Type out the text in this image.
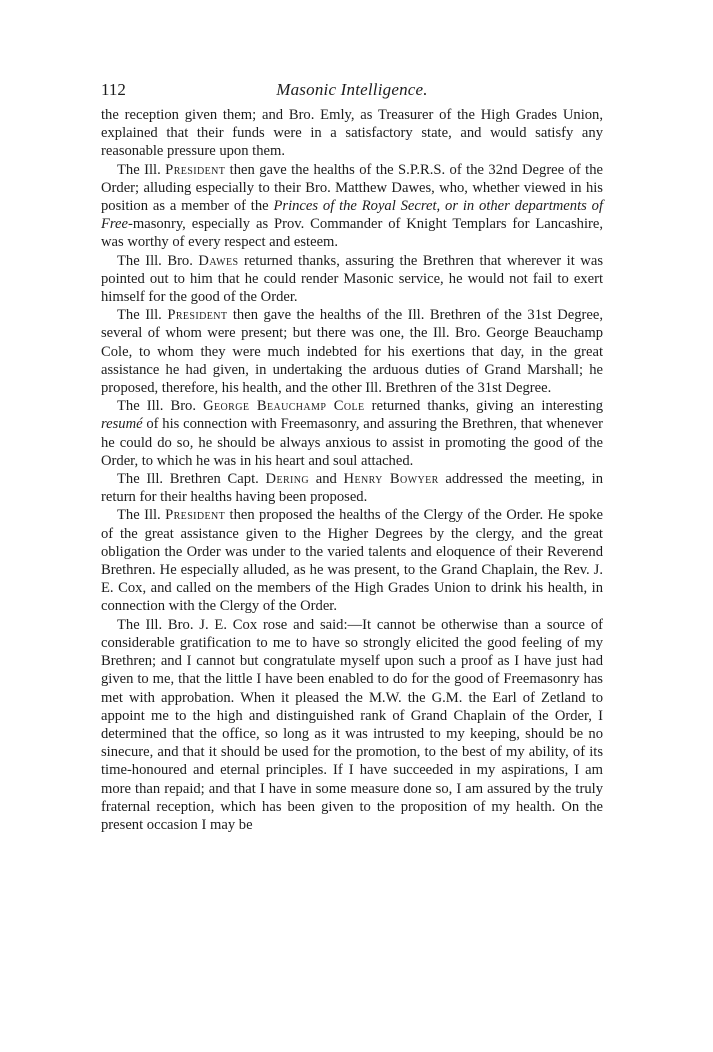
112	Masonic Intelligence.

the reception given them; and Bro. Emly, as Treasurer of the High Grades Union, explained that their funds were in a satisfactory state, and would satisfy any reasonable pressure upon them.

The Ill. President then gave the healths of the S.P.R.S. of the 32nd Degree of the Order; alluding especially to their Bro. Matthew Dawes, who, whether viewed in his position as a member of the Princes of the Royal Secret, or in other departments of Free-masonry, especially as Prov. Commander of Knight Templars for Lancashire, was worthy of every respect and esteem.

The Ill. Bro. Dawes returned thanks, assuring the Brethren that wherever it was pointed out to him that he could render Masonic service, he would not fail to exert himself for the good of the Order.

The Ill. President then gave the healths of the Ill. Brethren of the 31st Degree, several of whom were present; but there was one, the Ill. Bro. George Beauchamp Cole, to whom they were much indebted for his exertions that day, in the great assistance he had given, in undertaking the arduous duties of Grand Marshall; he proposed, therefore, his health, and the other Ill. Brethren of the 31st Degree.

The Ill. Bro. George Beauchamp Cole returned thanks, giving an interesting resumé of his connection with Freemasonry, and assuring the Brethren, that whenever he could do so, he should be always anxious to assist in promoting the good of the Order, to which he was in his heart and soul attached.

The Ill. Brethren Capt. Dering and Henry Bowyer addressed the meeting, in return for their healths having been proposed.

The Ill. President then proposed the healths of the Clergy of the Order. He spoke of the great assistance given to the Higher Degrees by the clergy, and the great obligation the Order was under to the varied talents and eloquence of their Reverend Brethren. He especially alluded, as he was present, to the Grand Chaplain, the Rev. J. E. Cox, and called on the members of the High Grades Union to drink his health, in connection with the Clergy of the Order.

The Ill. Bro. J. E. Cox rose and said:—It cannot be otherwise than a source of considerable gratification to me to have so strongly elicited the good feeling of my Brethren; and I cannot but congratulate myself upon such a proof as I have just had given to me, that the little I have been enabled to do for the good of Freemasonry has met with approbation. When it pleased the M.W. the G.M. the Earl of Zetland to appoint me to the high and distinguished rank of Grand Chaplain of the Order, I determined that the office, so long as it was intrusted to my keeping, should be no sinecure, and that it should be used for the promotion, to the best of my ability, of its time-honoured and eternal principles. If I have succeeded in my aspirations, I am more than repaid; and that I have in some measure done so, I am assured by the truly fraternal reception, which has been given to the proposition of my health. On the present occasion I may be
